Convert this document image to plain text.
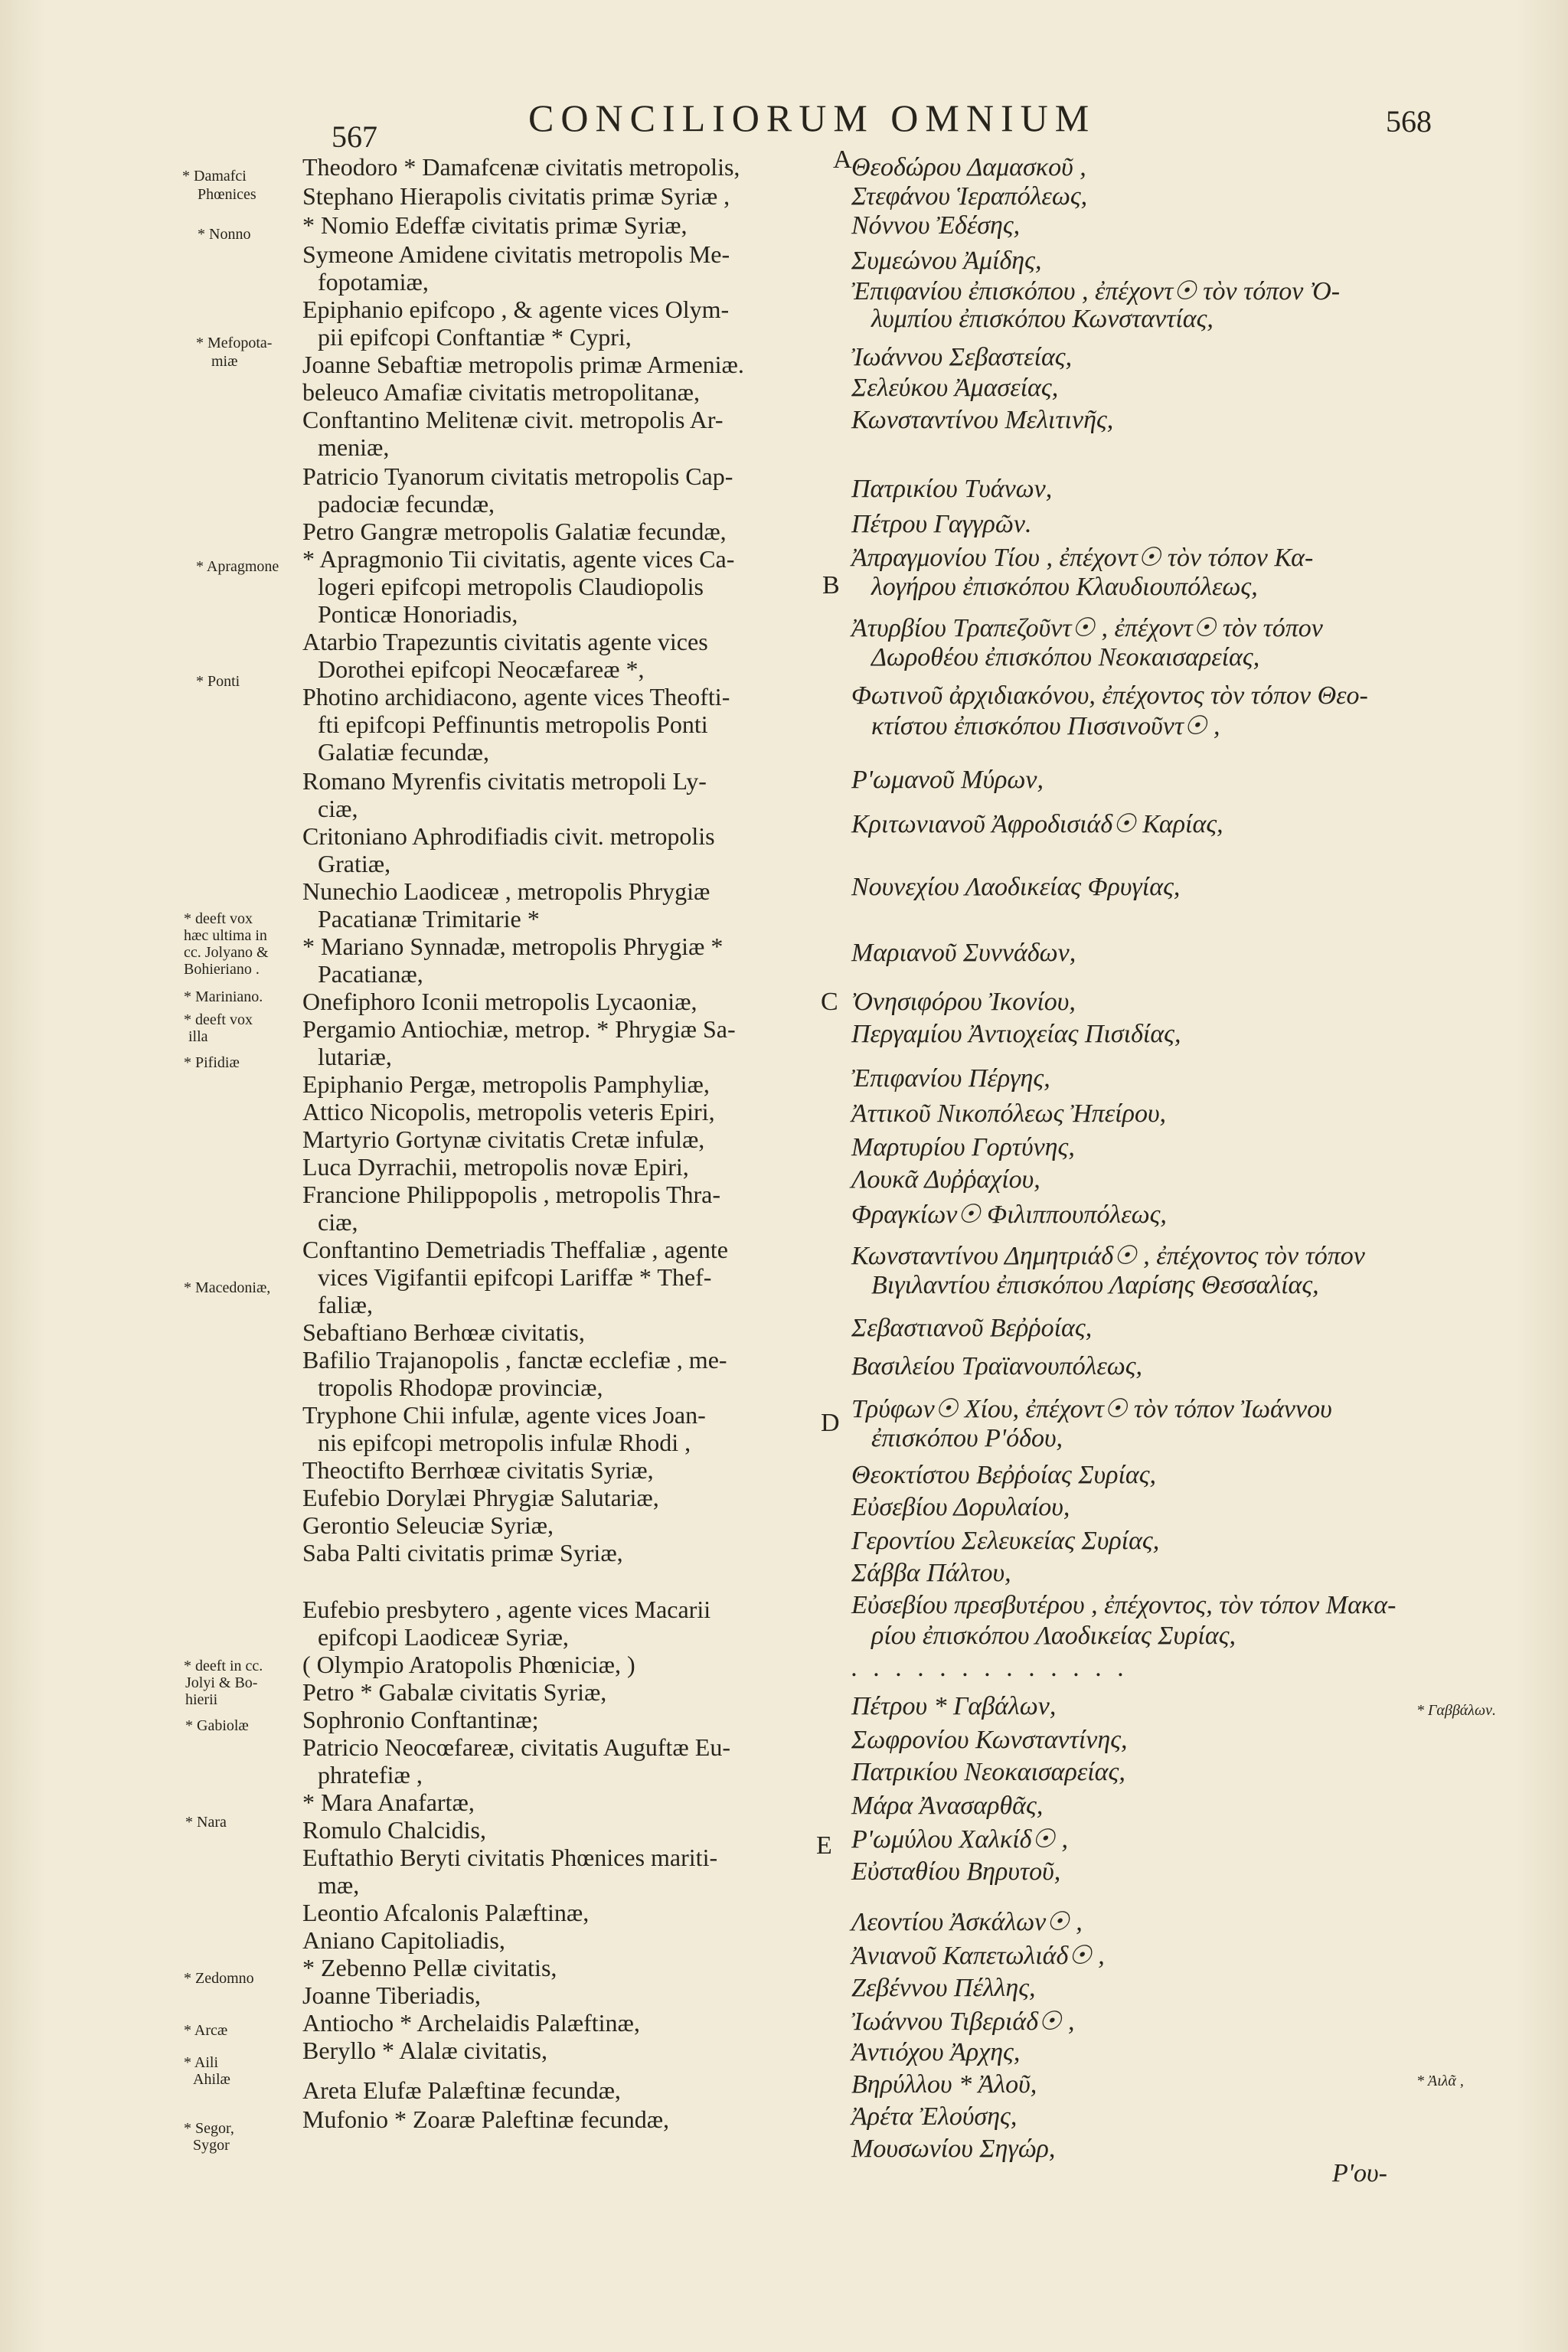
567	CONCILIORUM OMNIUM	568
Theodoro * Damafcenæ civitatis metropolis,
Stephano Hierapolis civitatis primæ Syriæ ,
* Nomio Edeffæ civitatis primæ Syriæ,
Symeone Amidene civitatis metropolis Me-
fopotamiæ,
Epiphanio epifcopo , & agente vices Olym-
pii epifcopi Conftantiæ * Cypri,
Joanne Sebaftiæ metropolis primæ Armeniæ.
beleuco Amafiæ civitatis metropolitanæ,
Conftantino Melitenæ civit. metropolis Ar-
meniæ,
Patricio Tyanorum civitatis metropolis Cap-
padociæ fecundæ,
Petro Gangræ metropolis Galatiæ fecundæ,
* Apragmonio Tii civitatis, agente vices Ca-
logeri epifcopi metropolis Claudiopolis
Ponticæ Honoriadis,
Atarbio Trapezuntis civitatis agente vices
Dorothei epifcopi Neocæfareæ *,
Photino archidiacono, agente vices Theofti-
fti epifcopi Peffinuntis metropolis Ponti
Galatiæ fecundæ,
Romano Myrenfis civitatis metropoli Ly-
ciæ,
Critoniano Aphrodifiadis civit. metropolis
Gratiæ,
Nunechio Laodiceæ , metropolis Phrygiæ
Pacatianæ Trimitarie *
* Mariano Synnadæ, metropolis Phrygiæ *
Pacatianæ,
Onefiphoro Iconii metropolis Lycaoniæ,
Pergamio Antiochiæ, metrop. * Phrygiæ Sa-
lutariæ,
Epiphanio Pergæ, metropolis Pamphyliæ,
Attico Nicopolis, metropolis veteris Epiri,
Martyrio Gortynæ civitatis Cretæ infulæ,
Luca Dyrrachii, metropolis novæ Epiri,
Francione Philippopolis , metropolis Thra-
ciæ,
Conftantino Demetriadis Theffaliæ , agente
vices Vigifantii epifcopi Lariffæ * Thef-
faliæ,
Sebaftiano Berhœæ civitatis,
Bafilio Trajanopolis , fanctæ ecclefiæ , me-
tropolis Rhodopæ provinciæ,
Tryphone Chii infulæ, agente vices Joan-
nis epifcopi metropolis infulæ Rhodi ,
Theoctifto Berrhœæ civitatis Syriæ,
Eufebio Dorylæi Phrygiæ Salutariæ,
Gerontio Seleuciæ Syriæ,
Saba Palti civitatis primæ Syriæ,
Eufebio presbytero , agente vices Macarii
epifcopi Laodiceæ Syriæ,
( Olympio Aratopolis Phœniciæ, )
Petro * Gabalæ civitatis Syriæ,
Sophronio Conftantinæ;
Patricio Neocœfareæ, civitatis Auguftæ Eu-
phratefiæ ,
* Mara Anafartæ,
Romulo Chalcidis,
Euftathio Beryti civitatis Phœnices mariti-
mæ,
Leontio Afcalonis Palæftinæ,
Aniano Capitoliadis,
* Zebenno Pellæ civitatis,
Joanne Tiberiadis,
Antiocho * Archelaidis Palæftinæ,
Beryllo * Alalæ civitatis,
Areta Elufæ Palæftinæ fecundæ,
Mufonio * Zoaræ Paleftinæ fecundæ,
A
B
C
D
E
Θεοδώρου Δαμασκοῦ ,
Στεφάνου Ἱεραπόλεως,
Νόννου Ἐδέσης,
Συμεώνου Ἀμίδης,
Ἐπιφανίου ἐπισκόπου , ἐπέχοντ☉ τὸν τόπον Ὀ-
λυμπίου ἐπισκόπου Κωνσταντίας,
Ἰωάννου Σεβαστείας,
Σελεύκου Ἀμασείας,
Κωνσταντίνου Μελιτινῆς,
Πατρικίου Τυάνων,
Πέτρου Γαγγρῶν.
Ἀπραγμονίου Τίου , ἐπέχοντ☉ τὸν τόπον Κα-
λογήρου ἐπισκόπου Κλαυδιουπόλεως,
Ἀτυρβίου Τραπεζοῦντ☉ , ἐπέχοντ☉ τὸν τόπον
Δωροθέου ἐπισκόπου Νεοκαισαρείας,
Φωτινοῦ ἀρχιδιακόνου, ἐπέχοντος τὸν τόπον Θεο-
κτίστου ἐπισκόπου Πισσινοῦντ☉ ,
Ρ'ωμανοῦ Μύρων,
Κριτωνιανοῦ Ἀφροδισιάδ☉ Καρίας,
Νουνεχίου Λαοδικείας Φρυγίας,
Μαριανοῦ Συννάδων,
Ὀνησιφόρου Ἰκονίου,
Περγαμίου Ἀντιοχείας Πισιδίας,
Ἐπιφανίου Πέργης,
Ἀττικοῦ Νικοπόλεως Ἠπείρου,
Μαρτυρίου Γορτύνης,
Λουκᾶ Δυῤῥαχίου,
Φραγκίων☉ Φιλιππουπόλεως,
Κωνσταντίνου Δημητριάδ☉ , ἐπέχοντος τὸν τόπον
Βιγιλαντίου ἐπισκόπου Λαρίσης Θεσσαλίας,
Σεβαστιανοῦ Βεῤῥοίας,
Βασιλείου Τραϊανουπόλεως,
Τρύφων☉ Χίου, ἐπέχοντ☉ τὸν τόπον Ἰωάννου
ἐπισκόπου Ρ'όδου,
Θεοκτίστου Βεῤῥοίας Συρίας,
Εὐσεβίου Δορυλαίου,
Γεροντίου Σελευκείας Συρίας,
Σάββα Πάλτου,
Εὐσεβίου πρεσβυτέρου , ἐπέχοντος, τὸν τόπον Μακα-
ρίου ἐπισκόπου Λαοδικείας Συρίας,
. . . . . . . . . . . . .
Πέτρου * Γαβάλων,
Σωφρονίου Κωνσταντίνης,
Πατρικίου Νεοκαισαρείας,
Μάρα Ἀνασαρθᾶς,
Ρ'ωμύλου Χαλκίδ☉ ,
Εὐσταθίου Βηρυτοῦ,
Λεοντίου Ἀσκάλων☉ ,
Ἀνιανοῦ Καπετωλιάδ☉ ,
Ζεβέννου Πέλλης,
Ἰωάννου Τιβεριάδ☉ ,
Ἀντιόχου Ἀρχης,
Βηρύλλου * Ἀλοῦ,
Ἀρέτα Ἐλούσης,
Μουσωνίου Σηγώρ,
* Damafci
Phœnices
* Nonno
* Mefopota-
miæ
* Apragmone
* Ponti
* deeft vox
hæc ultima in
cc. Jolyano &
Bohieriano .
* Mariniano.
* deeft vox
illa
* Pifidiæ
* Macedoniæ,
* deeft in cc.
Jolyi & Bo-
hierii
* Gabiolæ
* Nara
* Zedomno
* Arcæ
* Aili
Ahilæ
* Segor,
Sygor
* Γαββάλων.
* Ἀιλᾶ ,
Ρ'ου-
